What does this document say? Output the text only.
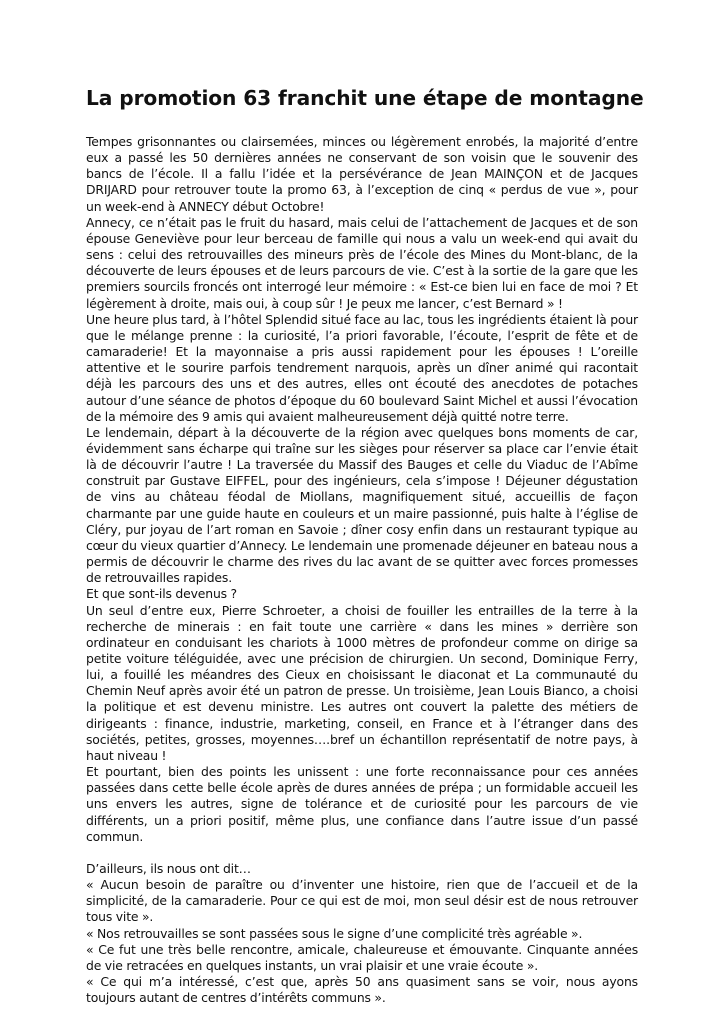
La promotion 63 franchit une étape de montagne

Tempes grisonnantes ou clairsemées, minces ou légèrement enrobés, la majorité d’entre eux a passé les 50 dernières années ne conservant de son voisin que le souvenir des bancs de l’école. Il a fallu l’idée et la persévérance de Jean MAINÇON et de Jacques DRIJARD pour retrouver toute la promo 63, à l’exception de cinq « perdus de vue », pour un week-end à ANNECY début Octobre!

Annecy, ce n’était pas le fruit du hasard, mais celui de l’attachement de Jacques et de son épouse Geneviève pour leur berceau de famille qui nous a valu un week-end qui avait du sens : celui des retrouvailles des mineurs près de l’école des Mines du Mont-blanc, de la découverte de leurs épouses et de leurs parcours de vie. C’est à la sortie de la gare que les premiers sourcils froncés ont interrogé leur mémoire : « Est-ce bien lui en face de moi ? Et légèrement à droite, mais oui, à coup sûr ! Je peux me lancer, c’est Bernard » !

Une heure plus tard, à l’hôtel Splendid situé face au lac, tous les ingrédients étaient là pour que le mélange prenne : la curiosité, l’a priori favorable, l’écoute, l’esprit de fête et de camaraderie! Et la mayonnaise a pris aussi rapidement pour les épouses ! L’oreille attentive et le sourire parfois tendrement narquois, après un dîner animé qui racontait déjà les parcours des uns et des autres, elles ont écouté des anecdotes de potaches autour d’une séance de photos d’époque du 60 boulevard Saint Michel et aussi l’évocation de la mémoire des 9 amis qui avaient malheureusement déjà quitté notre terre.

Le lendemain, départ à la découverte de la région avec quelques bons moments de car, évidemment sans écharpe qui traîne sur les sièges pour réserver sa place car l’envie était là de découvrir l’autre ! La traversée du Massif des Bauges et celle du Viaduc de l’Abîme construit par Gustave EIFFEL, pour des ingénieurs, cela s’impose ! Déjeuner dégustation de vins au château féodal de Miollans, magnifiquement situé, accueillis de façon charmante par une guide haute en couleurs et un maire passionné, puis halte à l’église de Cléry, pur joyau de l’art roman en Savoie ; dîner cosy enfin dans un restaurant typique au cœur du vieux quartier d’Annecy. Le lendemain une promenade déjeuner en bateau nous a permis de découvrir le charme des rives du lac avant de se quitter avec forces promesses de retrouvailles rapides.

Et que sont-ils devenus ?

Un seul d’entre eux, Pierre Schroeter, a choisi de fouiller les entrailles de la terre à la recherche de minerais : en fait toute une carrière « dans les mines » derrière son ordinateur en conduisant les chariots à 1000 mètres de profondeur comme on dirige sa petite voiture téléguidée, avec une précision de chirurgien. Un second, Dominique Ferry, lui, a fouillé les méandres des Cieux en choisissant le diaconat et La communauté du Chemin Neuf après avoir été un patron de presse. Un troisième, Jean Louis Bianco, a choisi la politique et est devenu ministre. Les autres ont couvert la palette des métiers de dirigeants : finance, industrie, marketing, conseil, en France et à l’étranger dans des sociétés, petites, grosses, moyennes….bref un échantillon représentatif de notre pays, à haut niveau !

Et pourtant, bien des points les unissent : une forte reconnaissance pour ces années passées dans cette belle école après de dures années de prépa ; un formidable accueil les uns envers les autres, signe de tolérance et de curiosité pour les parcours de vie différents, un a priori positif, même plus, une confiance dans l’autre issue d’un passé commun.

D’ailleurs, ils nous ont dit…

« Aucun besoin de paraître ou d’inventer une histoire, rien que de l’accueil et de la simplicité, de la camaraderie. Pour ce qui est de moi, mon seul désir est de nous retrouver tous vite ».

« Nos retrouvailles se sont passées sous le signe d’une complicité très agréable ».

« Ce fut une très belle rencontre, amicale, chaleureuse et émouvante. Cinquante années de vie retracées en quelques instants, un vrai plaisir et une vraie écoute ».

« Ce qui m’a intéressé, c’est que, après 50 ans quasiment sans se voir, nous ayons toujours autant de centres d’intérêts communs ».
